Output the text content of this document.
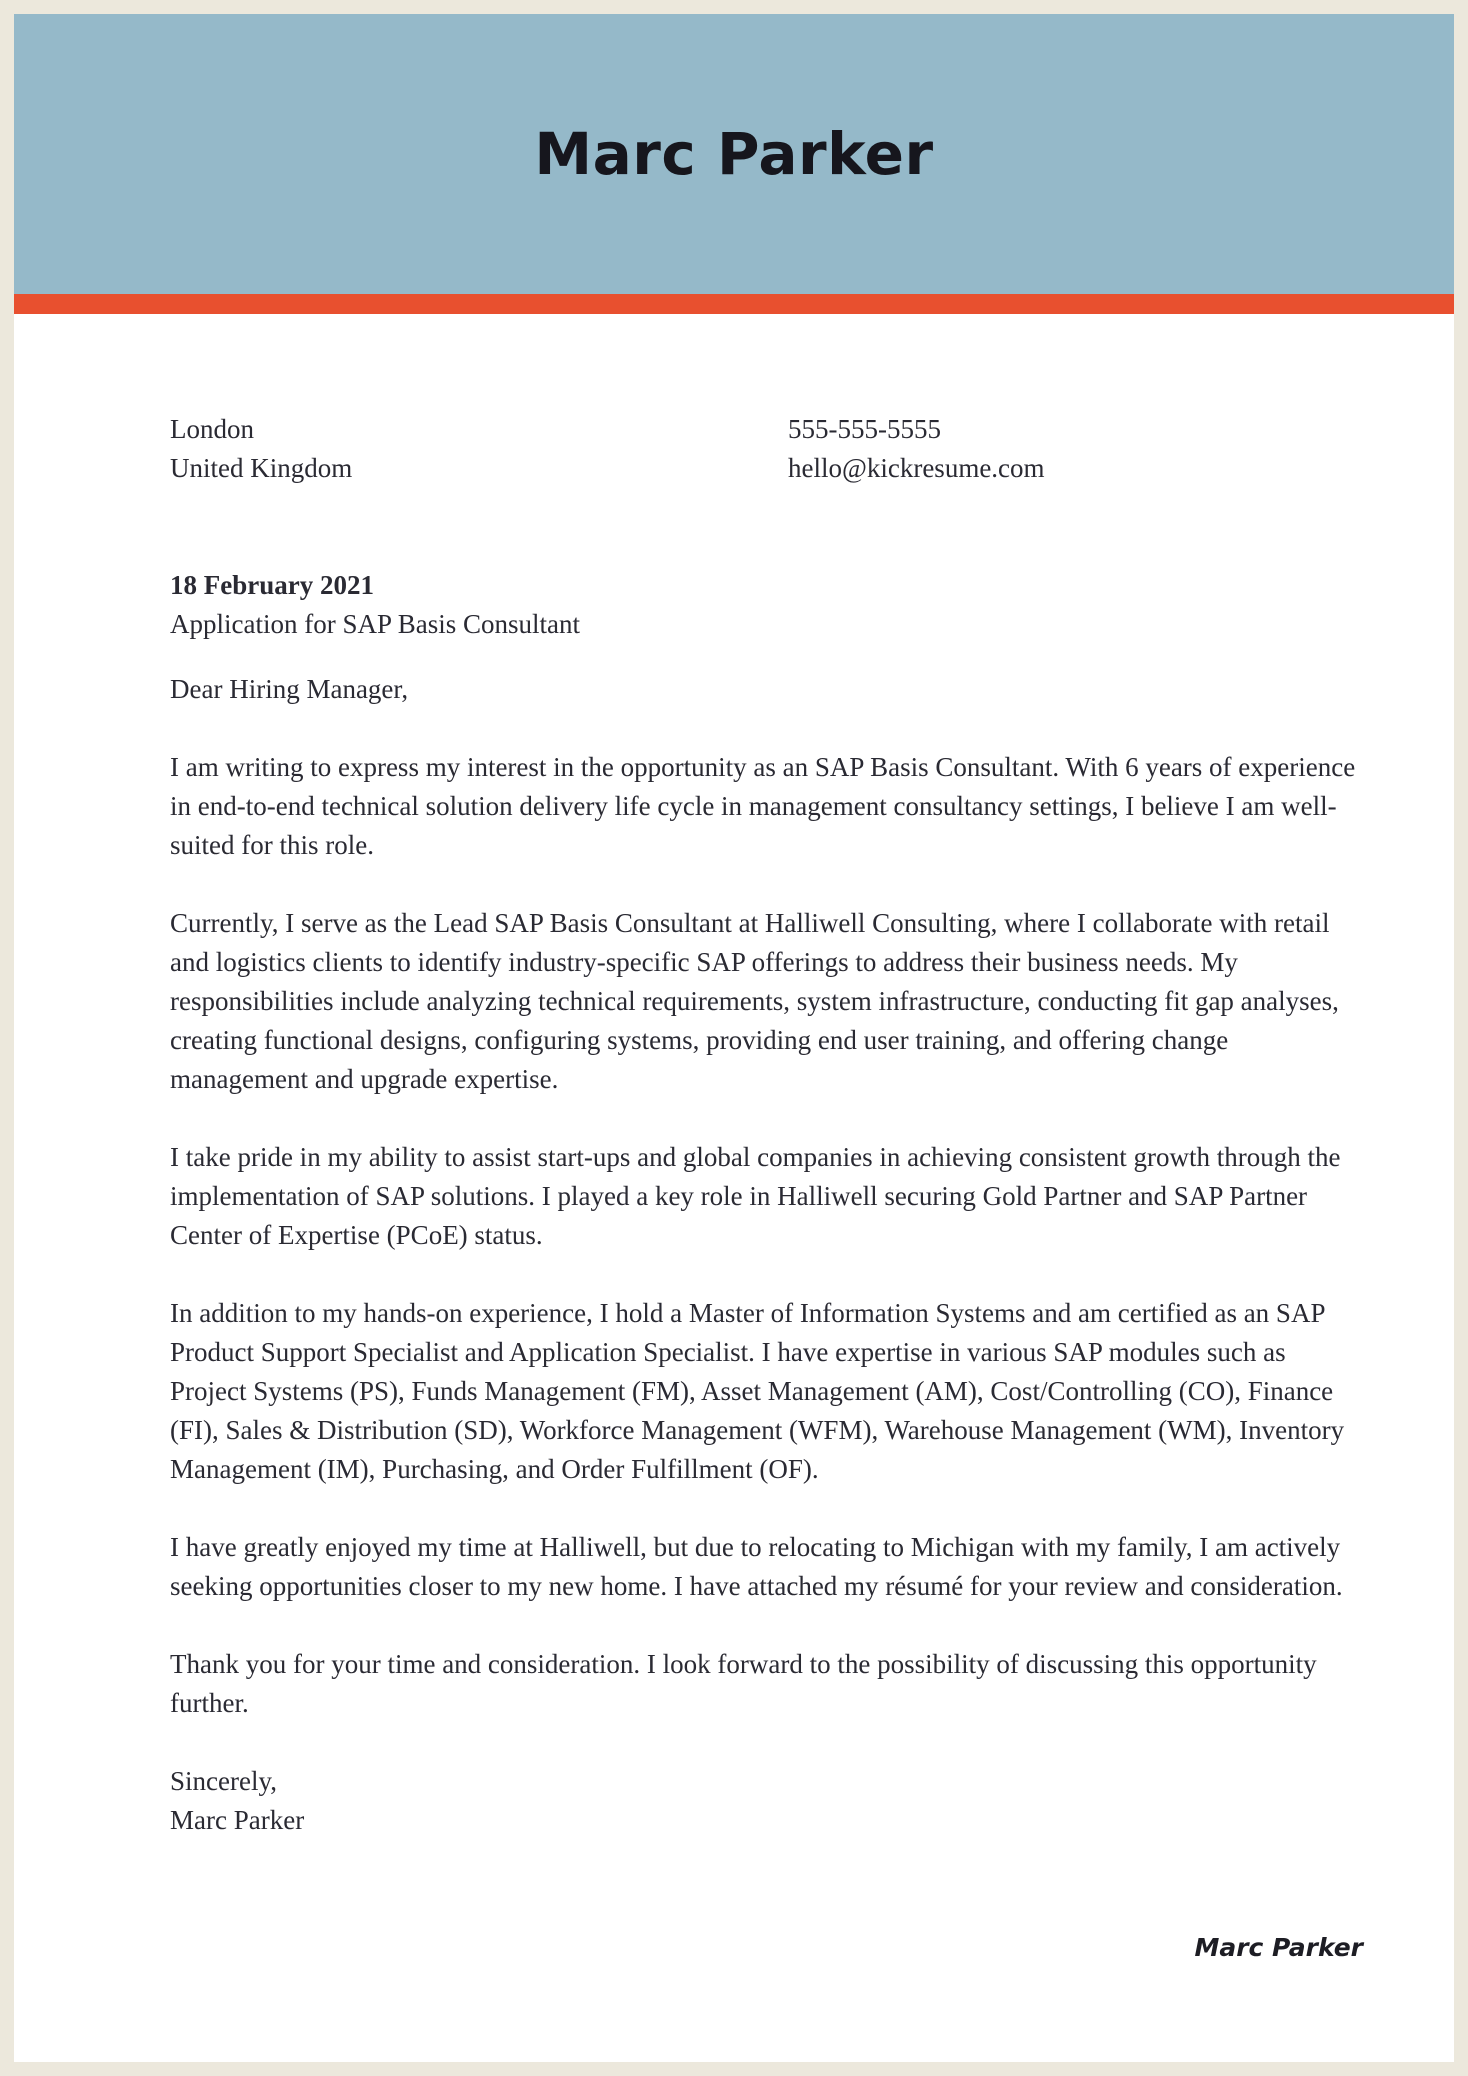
Marc Parker
London
United Kingdom
555-555-5555
hello@kickresume.com
18 February 2021
Application for SAP Basis Consultant

Dear Hiring Manager,

I am writing to express my interest in the opportunity as an SAP Basis Consultant. With 6 years of experience in end-to-end technical solution delivery life cycle in management consultancy settings, I believe I am well-suited for this role.

Currently, I serve as the Lead SAP Basis Consultant at Halliwell Consulting, where I collaborate with retail and logistics clients to identify industry-specific SAP offerings to address their business needs. My responsibilities include analyzing technical requirements, system infrastructure, conducting fit gap analyses, creating functional designs, configuring systems, providing end user training, and offering change management and upgrade expertise.

I take pride in my ability to assist start-ups and global companies in achieving consistent growth through the implementation of SAP solutions. I played a key role in Halliwell securing Gold Partner and SAP Partner Center of Expertise (PCoE) status.

In addition to my hands-on experience, I hold a Master of Information Systems and am certified as an SAP Product Support Specialist and Application Specialist. I have expertise in various SAP modules such as Project Systems (PS), Funds Management (FM), Asset Management (AM), Cost/Controlling (CO), Finance (FI), Sales & Distribution (SD), Workforce Management (WFM), Warehouse Management (WM), Inventory Management (IM), Purchasing, and Order Fulfillment (OF).

I have greatly enjoyed my time at Halliwell, but due to relocating to Michigan with my family, I am actively seeking opportunities closer to my new home. I have attached my résumé for your review and consideration.

Thank you for your time and consideration. I look forward to the possibility of discussing this opportunity further.

Sincerely,
Marc Parker
Marc Parker
